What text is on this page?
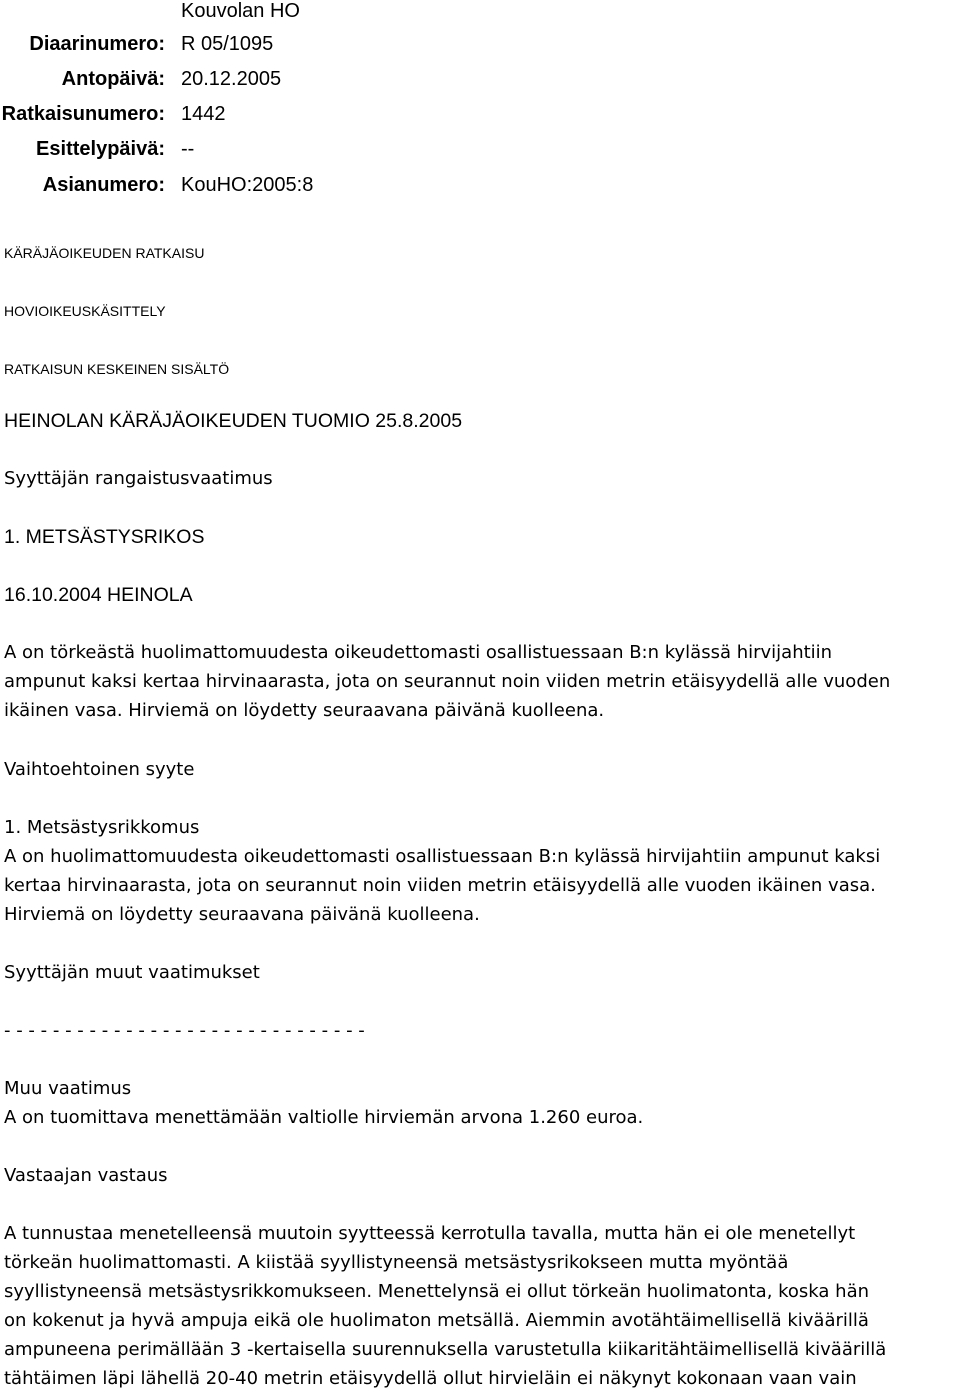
Kouvolan HO
Diaarinumero: R 05/1095
Antopäivä: 20.12.2005
Ratkaisunumero: 1442
Esittelypäivä: --
Asianumero: KouHO:2005:8
KÄRÄJÄOIKEUDEN RATKAISU
HOVIOIKEUSKÄSITTELY
RATKAISUN KESKEINEN SISÄLTÖ
HEINOLAN KÄRÄJÄOIKEUDEN TUOMIO 25.8.2005
Syyttäjän rangaistusvaatimus
1. METSÄSTYSRIKOS
16.10.2004 HEINOLA
A on törkeästä huolimattomuudesta oikeudettomasti osallistuessaan B:n kylässä hirvijahtiin
ampunut kaksi kertaa hirvinaarasta, jota on seurannut noin viiden metrin etäisyydellä alle vuoden
ikäinen vasa. Hirviemä on löydetty seuraavana päivänä kuolleena.
Vaihtoehtoinen syyte
1. Metsästysrikkomus
A on huolimattomuudesta oikeudettomasti osallistuessaan B:n kylässä hirvijahtiin ampunut kaksi
kertaa hirvinaarasta, jota on seurannut noin viiden metrin etäisyydellä alle vuoden ikäinen vasa.
Hirviemä on löydetty seuraavana päivänä kuolleena.
Syyttäjän muut vaatimukset
- - - - - - - - - - - - - - - - - - - - - - - - - - - - - -
Muu vaatimus
A on tuomittava menettämään valtiolle hirviemän arvona 1.260 euroa.
Vastaajan vastaus
A tunnustaa menetelleensä muutoin syytteessä kerrotulla tavalla, mutta hän ei ole menetellyt
törkeän huolimattomasti. A kiistää syyllistyneensä metsästysrikokseen mutta myöntää
syyllistyneensä metsästysrikkomukseen. Menettelynsä ei ollut törkeän huolimatonta, koska hän
on kokenut ja hyvä ampuja eikä ole huolimaton metsällä. Aiemmin avotähtäimellisellä kiväärillä
ampuneena perimällään 3 -kertaisella suurennuksella varustetulla kiikaritähtäimellisellä kiväärillä
tähtäimen läpi lähellä 20-40 metrin etäisyydellä ollut hirvieläin ei näkynyt kokonaan vaan vain
